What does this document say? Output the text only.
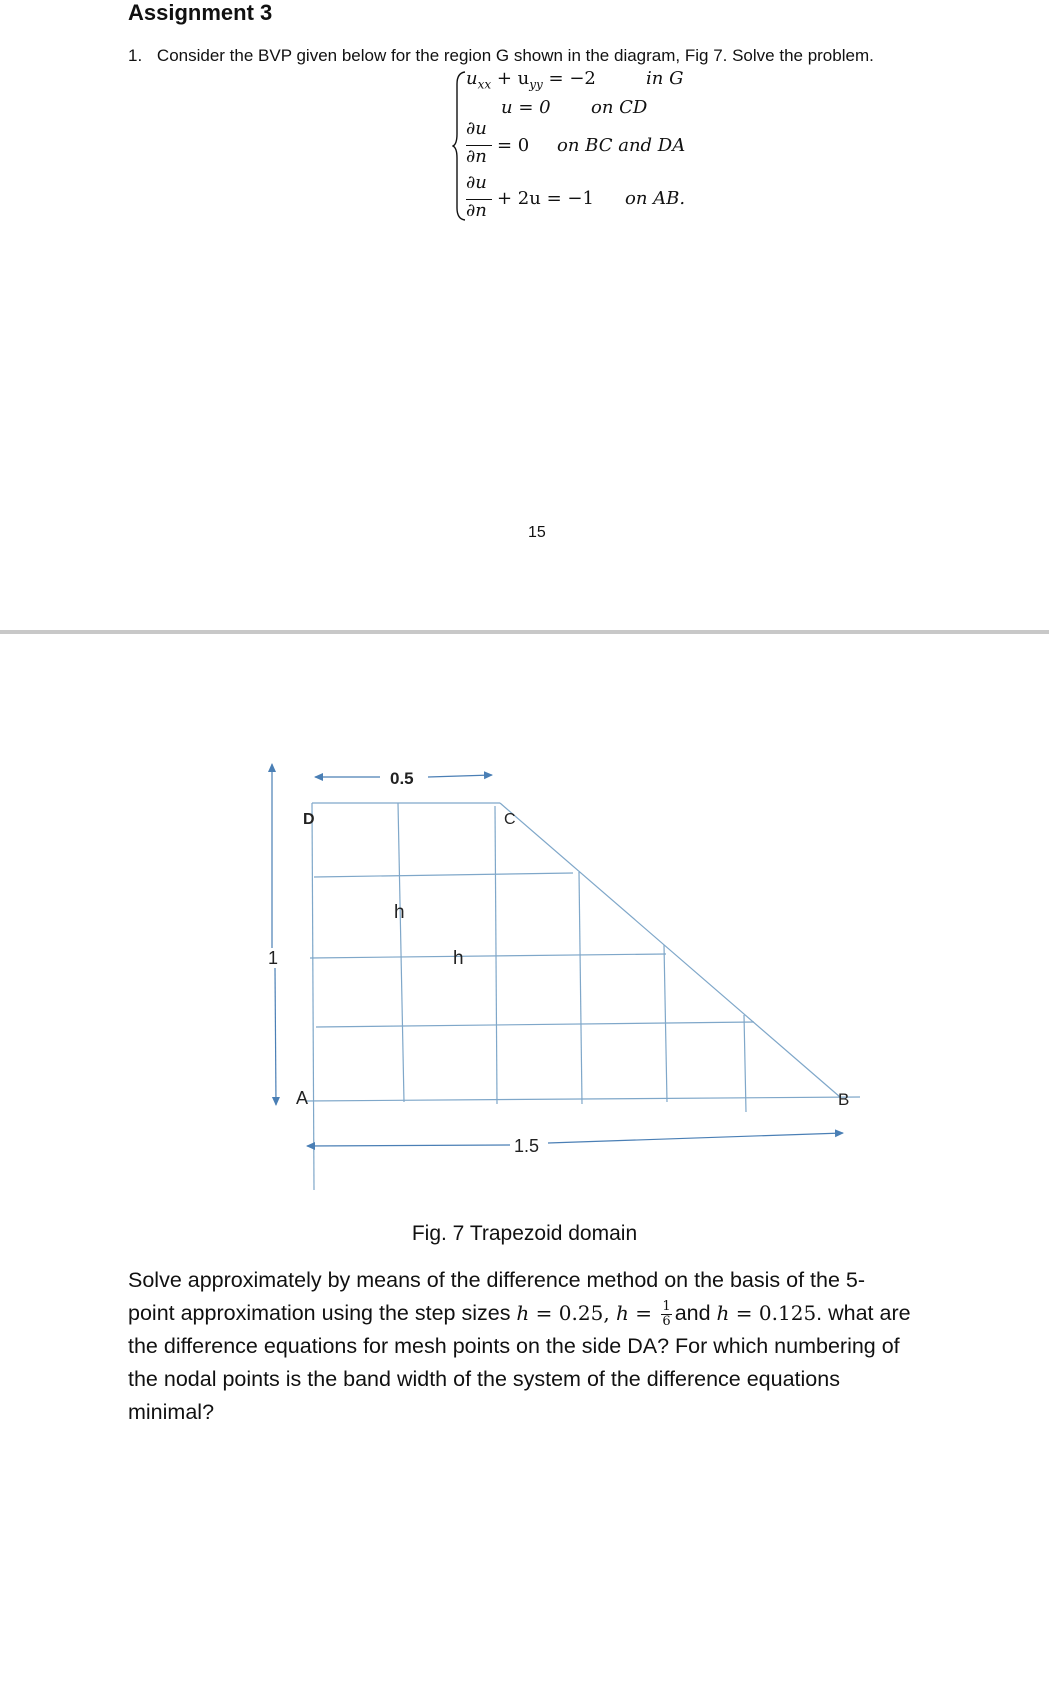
Assignment 3
1. Consider the BVP given below for the region G shown in the diagram, Fig 7. Solve the problem.
$u_{xx} + u_{yy} = -2$	in G
u = 0 on CD
∂u
∂n
= 0 on BC and DA
∂u
∂n
+ 2u = −1 on AB.
15
0.5
D	C
h
h
1
A	B
1.5
Fig. 7 Trapezoid domain
Solve approximately by means of the difference method on the basis of the 5-
point approximation using the step sizes h = 0.25, $h = \frac{1}{6}$ and h = 0.125. what are
the difference equations for mesh points on the side DA? For which numbering of
the nodal points is the band width of the system of the difference equations
minimal?
